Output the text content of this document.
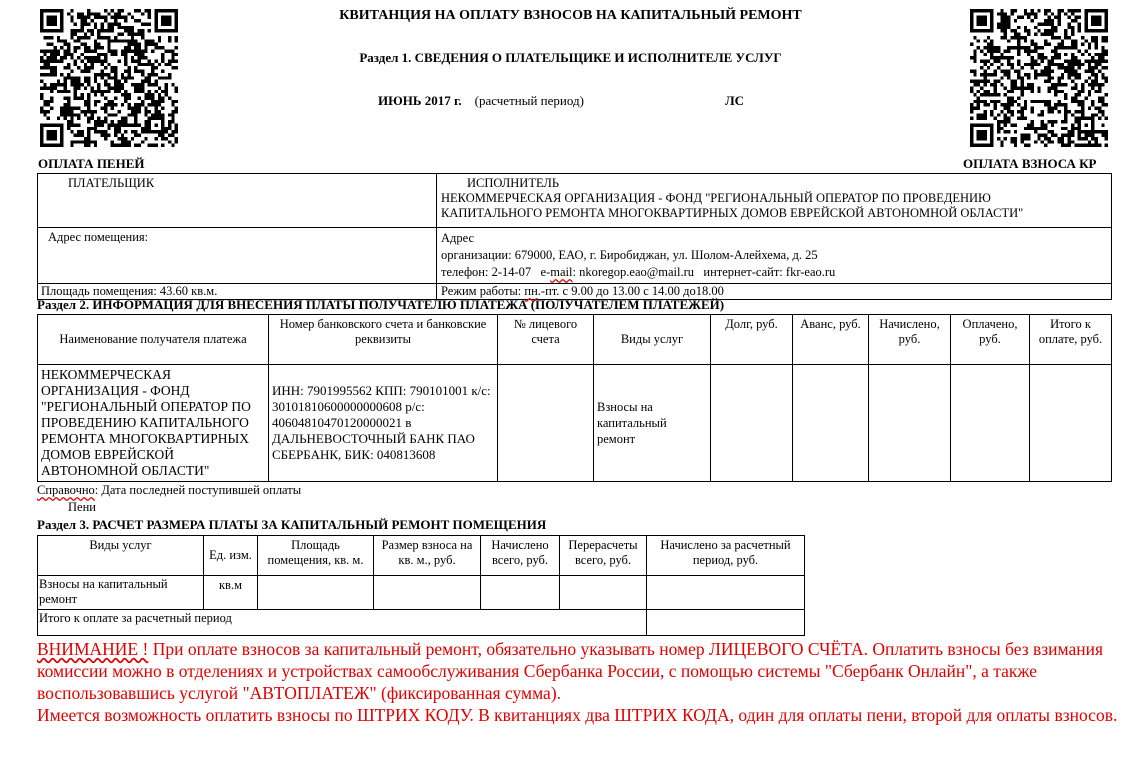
КВИТАНЦИЯ НА ОПЛАТУ ВЗНОСОВ НА КАПИТАЛЬНЫЙ РЕМОНТ
Раздел 1. СВЕДЕНИЯ О ПЛАТЕЛЬЩИКЕ И ИСПОЛНИТЕЛЕ УСЛУГ
ИЮНЬ 2017 г. (расчетный период)	ЛС
ОПЛАТА ПЕНЕЙ	ОПЛАТА ВЗНОСА КР
ПЛАТЕЛЬЩИК	ИСПОЛНИТЕЛЬ
НЕКОММЕРЧЕСКАЯ ОРГАНИЗАЦИЯ - ФОНД "РЕГИОНАЛЬНЫЙ ОПЕРАТОР ПО ПРОВЕДЕНИЮ
КАПИТАЛЬНОГО РЕМОНТА МНОГОКВАРТИРНЫХ ДОМОВ ЕВРЕЙСКОЙ АВТОНОМНОЙ ОБЛАСТИ"

Адрес помещения:	Адрес
организации: 679000, ЕАО, г. Биробиджан, ул. Шолом-Алейхема, д. 25
телефон: 2-14-07 e-mail: nkoregop.eao@mail.ru интернет-сайт: fkr-eao.ru

Площадь помещения: 43.60 кв.м.	Режим работы: пн.-пт. с 9.00 до 13.00 с 14.00 до18.00
Раздел 2. ИНФОРМАЦИЯ ДЛЯ ВНЕСЕНИЯ ПЛАТЫ ПОЛУЧАТЕЛЮ ПЛАТЕЖА (ПОЛУЧАТЕЛЕМ ПЛАТЕЖЕЙ)
Наименование получателя платежа	Номер банковского счета и банковские реквизиты	№ лицевого счета	Виды услуг	Долг, руб.	Аванс, руб.	Начислено, руб.	Оплачено, руб.	Итого к оплате, руб.
НЕКОММЕРЧЕСКАЯ ОРГАНИЗАЦИЯ - ФОНД "РЕГИОНАЛЬНЫЙ ОПЕРАТОР ПО ПРОВЕДЕНИЮ КАПИТАЛЬНОГО РЕМОНТА МНОГОКВАРТИРНЫХ ДОМОВ ЕВРЕЙСКОЙ АВТОНОМНОЙ ОБЛАСТИ"	ИНН: 7901995562 КПП: 790101001 к/с: 30101810600000000608 р/с: 40604810470120000021 в ДАЛЬНЕВОСТОЧНЫЙ БАНК ПАО СБЕРБАНК, БИК: 040813608		Взносы на капитальный ремонт					
Справочно: Дата последней поступившей оплаты
Пени
Раздел 3. РАСЧЕТ РАЗМЕРА ПЛАТЫ ЗА КАПИТАЛЬНЫЙ РЕМОНТ ПОМЕЩЕНИЯ
Виды услуг	Ед. изм.	Площадь помещения, кв. м.	Размер взноса на кв. м., руб.	Начислено всего, руб.	Перерасчеты всего, руб.	Начислено за расчетный период, руб.
Взносы на капитальный ремонт	кв.м					
Итого к оплате за расчетный период						
ВНИМАНИЕ ! При оплате взносов за капитальный ремонт, обязательно указывать номер ЛИЦЕВОГО СЧЁТА. Оплатить взносы без взимания комиссии можно в отделениях и устройствах самообслуживания Сбербанка России, с помощью системы "Сбербанк Онлайн", а также воспользовавшись услугой "АВТОПЛАТЕЖ" (фиксированная сумма).
Имеется возможность оплатить взносы по ШТРИХ КОДУ. В квитанциях два ШТРИХ КОДА, один для оплаты пени, второй для оплаты взносов.
